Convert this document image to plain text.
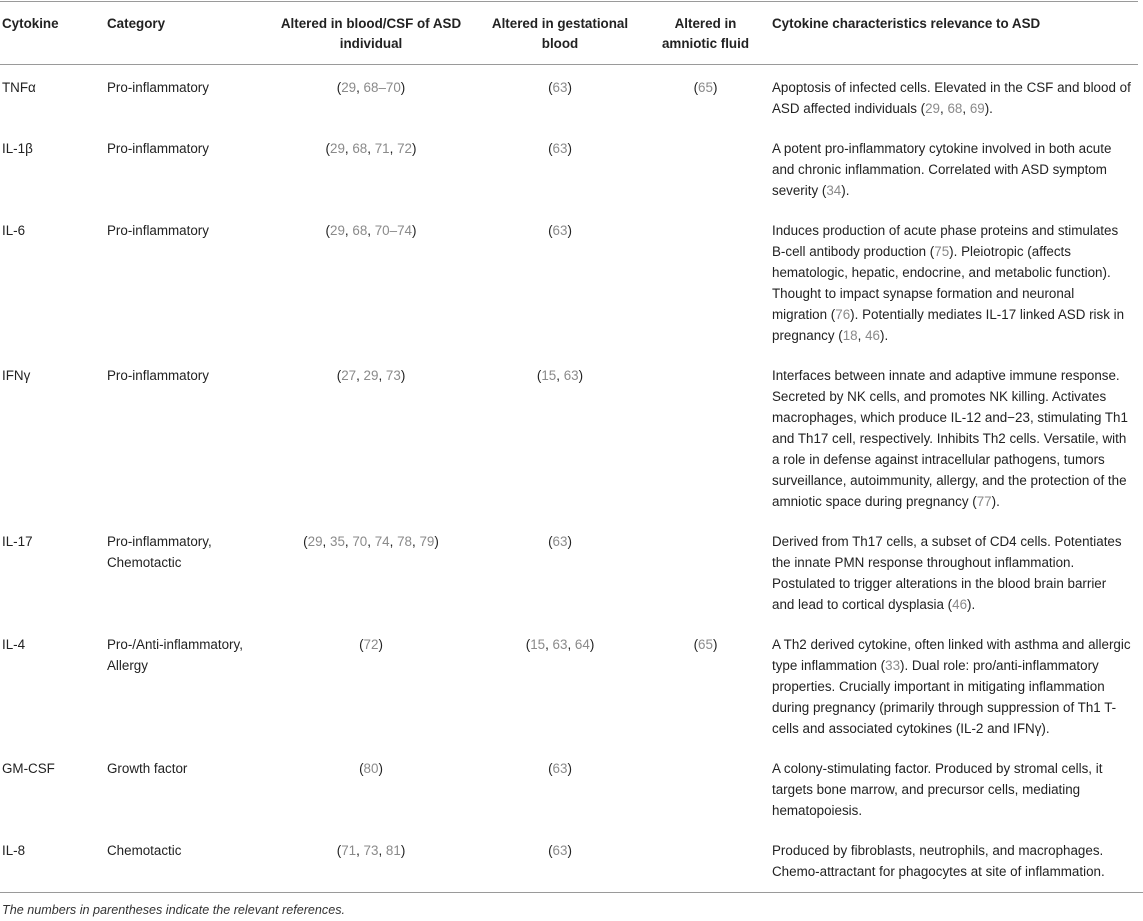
Cytokine	Category	Altered in blood/CSF of ASD individual	Altered in gestational blood	Altered in amniotic fluid	Cytokine characteristics relevance to ASD
TNFα	Pro-inflammatory	(29, 68–70)	(63)	(65)	Apoptosis of infected cells. Elevated in the CSF and blood of ASD affected individuals (29, 68, 69).
IL-1β	Pro-inflammatory	(29, 68, 71, 72)	(63)		A potent pro-inflammatory cytokine involved in both acute and chronic inflammation. Correlated with ASD symptom severity (34).
IL-6	Pro-inflammatory	(29, 68, 70–74)	(63)		Induces production of acute phase proteins and stimulates B-cell antibody production (75). Pleiotropic (affects hematologic, hepatic, endocrine, and metabolic function). Thought to impact synapse formation and neuronal migration (76). Potentially mediates IL-17 linked ASD risk in pregnancy (18, 46).
IFNγ	Pro-inflammatory	(27, 29, 73)	(15, 63)		Interfaces between innate and adaptive immune response. Secreted by NK cells, and promotes NK killing. Activates macrophages, which produce IL-12 and−23, stimulating Th1 and Th17 cell, respectively. Inhibits Th2 cells. Versatile, with a role in defense against intracellular pathogens, tumors surveillance, autoimmunity, allergy, and the protection of the amniotic space during pregnancy (77).
IL-17	Pro-inflammatory, Chemotactic	(29, 35, 70, 74, 78, 79)	(63)		Derived from Th17 cells, a subset of CD4 cells. Potentiates the innate PMN response throughout inflammation. Postulated to trigger alterations in the blood brain barrier and lead to cortical dysplasia (46).
IL-4	Pro-/Anti-inflammatory, Allergy	(72)	(15, 63, 64)	(65)	A Th2 derived cytokine, often linked with asthma and allergic type inflammation (33). Dual role: pro/anti-inflammatory properties. Crucially important in mitigating inflammation during pregnancy (primarily through suppression of Th1 T-cells and associated cytokines (IL-2 and IFNγ).
GM-CSF	Growth factor	(80)	(63)		A colony-stimulating factor. Produced by stromal cells, it targets bone marrow, and precursor cells, mediating hematopoiesis.
IL-8	Chemotactic	(71, 73, 81)	(63)		Produced by fibroblasts, neutrophils, and macrophages. Chemo-attractant for phagocytes at site of inflammation.
The numbers in parentheses indicate the relevant references.
